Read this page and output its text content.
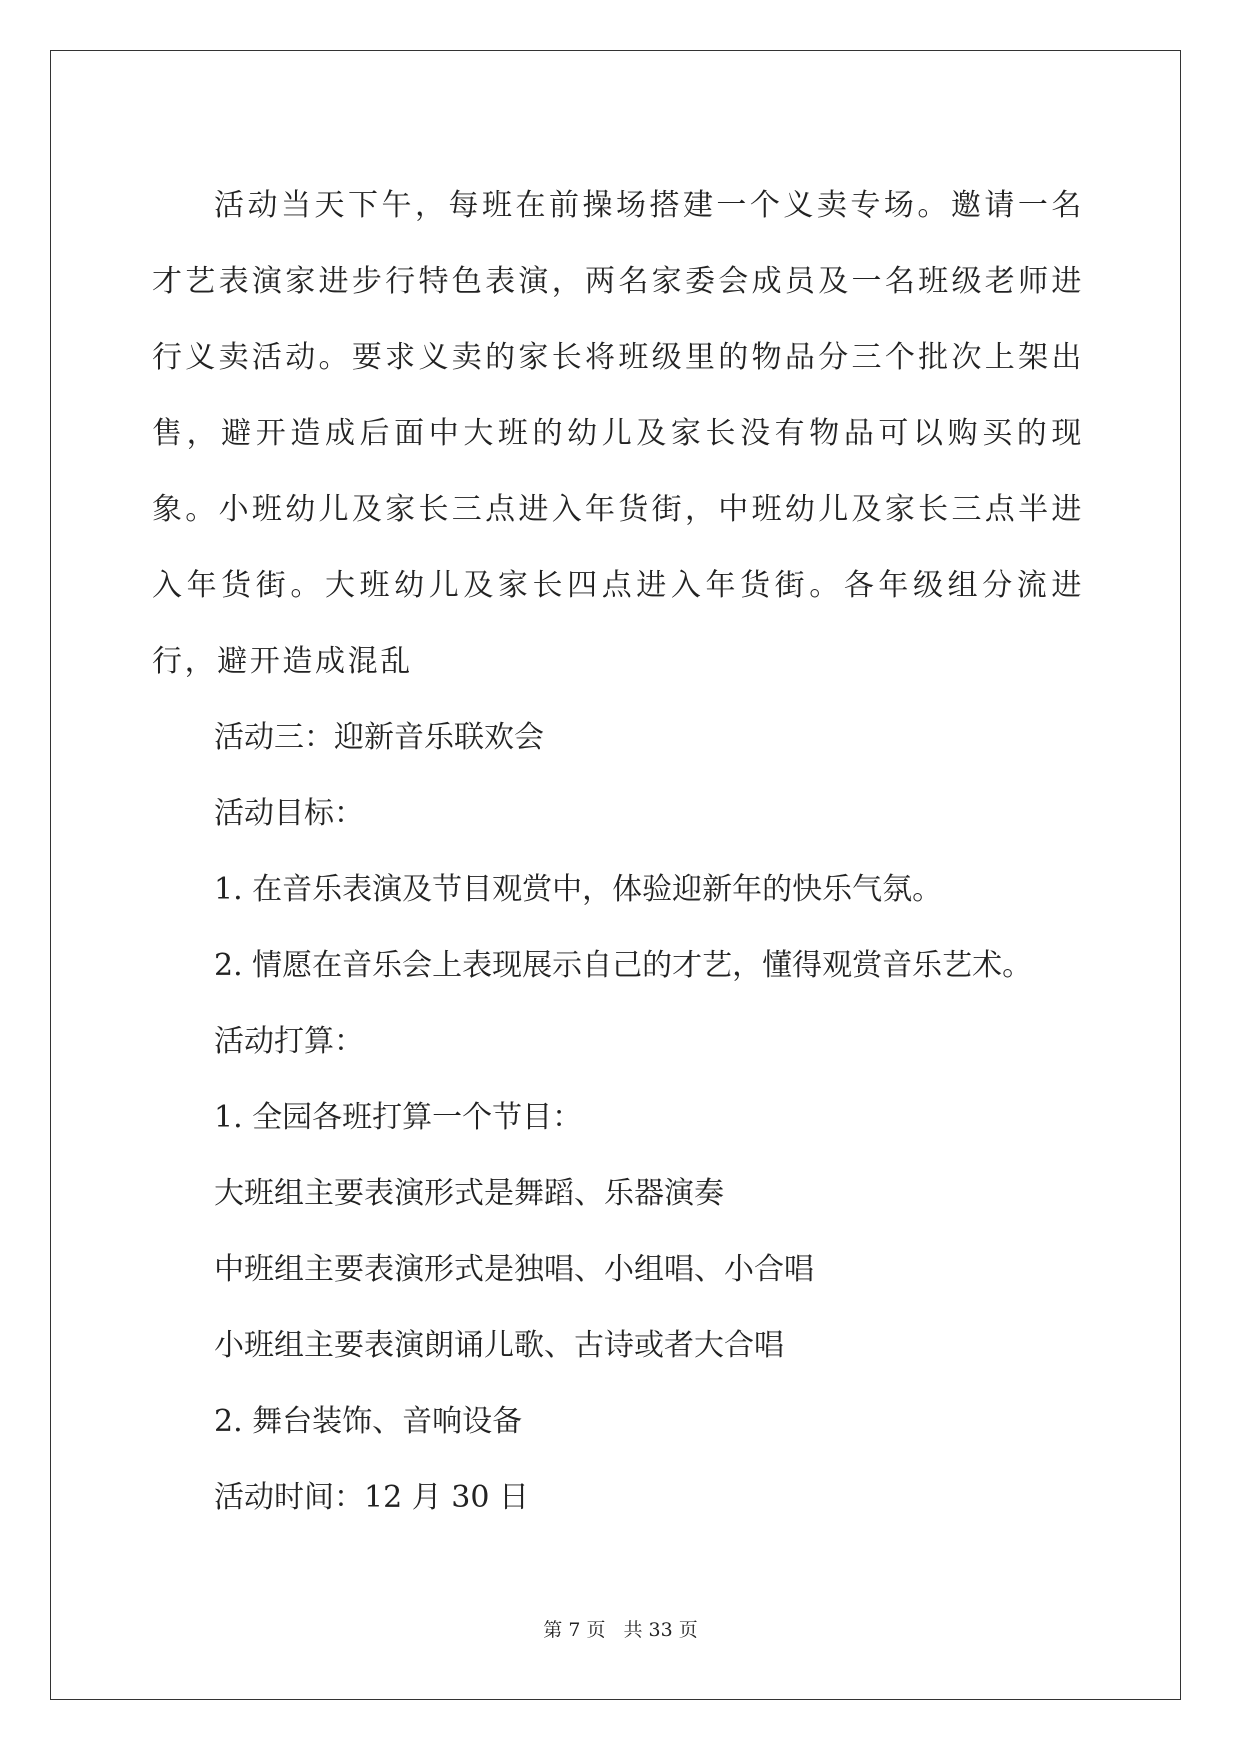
活动当天下午，每班在前操场搭建一个义卖专场。邀请一名才艺表演家进步行特色表演，两名家委会成员及一名班级老师进行义卖活动。要求义卖的家长将班级里的物品分三个批次上架出售，避开造成后面中大班的幼儿及家长没有物品可以购买的现象。小班幼儿及家长三点进入年货街，中班幼儿及家长三点半进入年货街。大班幼儿及家长四点进入年货街。各年级组分流进行，避开造成混乱

活动三：迎新音乐联欢会

活动目标：

1. 在音乐表演及节目观赏中，体验迎新年的快乐气氛。

2. 情愿在音乐会上表现展示自己的才艺，懂得观赏音乐艺术。

活动打算：

1. 全园各班打算一个节目：

大班组主要表演形式是舞蹈、乐器演奏

中班组主要表演形式是独唱、小组唱、小合唱

小班组主要表演朗诵儿歌、古诗或者大合唱

2. 舞台装饰、音响设备

活动时间：12 月 30 日

第 7 页 共 33 页
